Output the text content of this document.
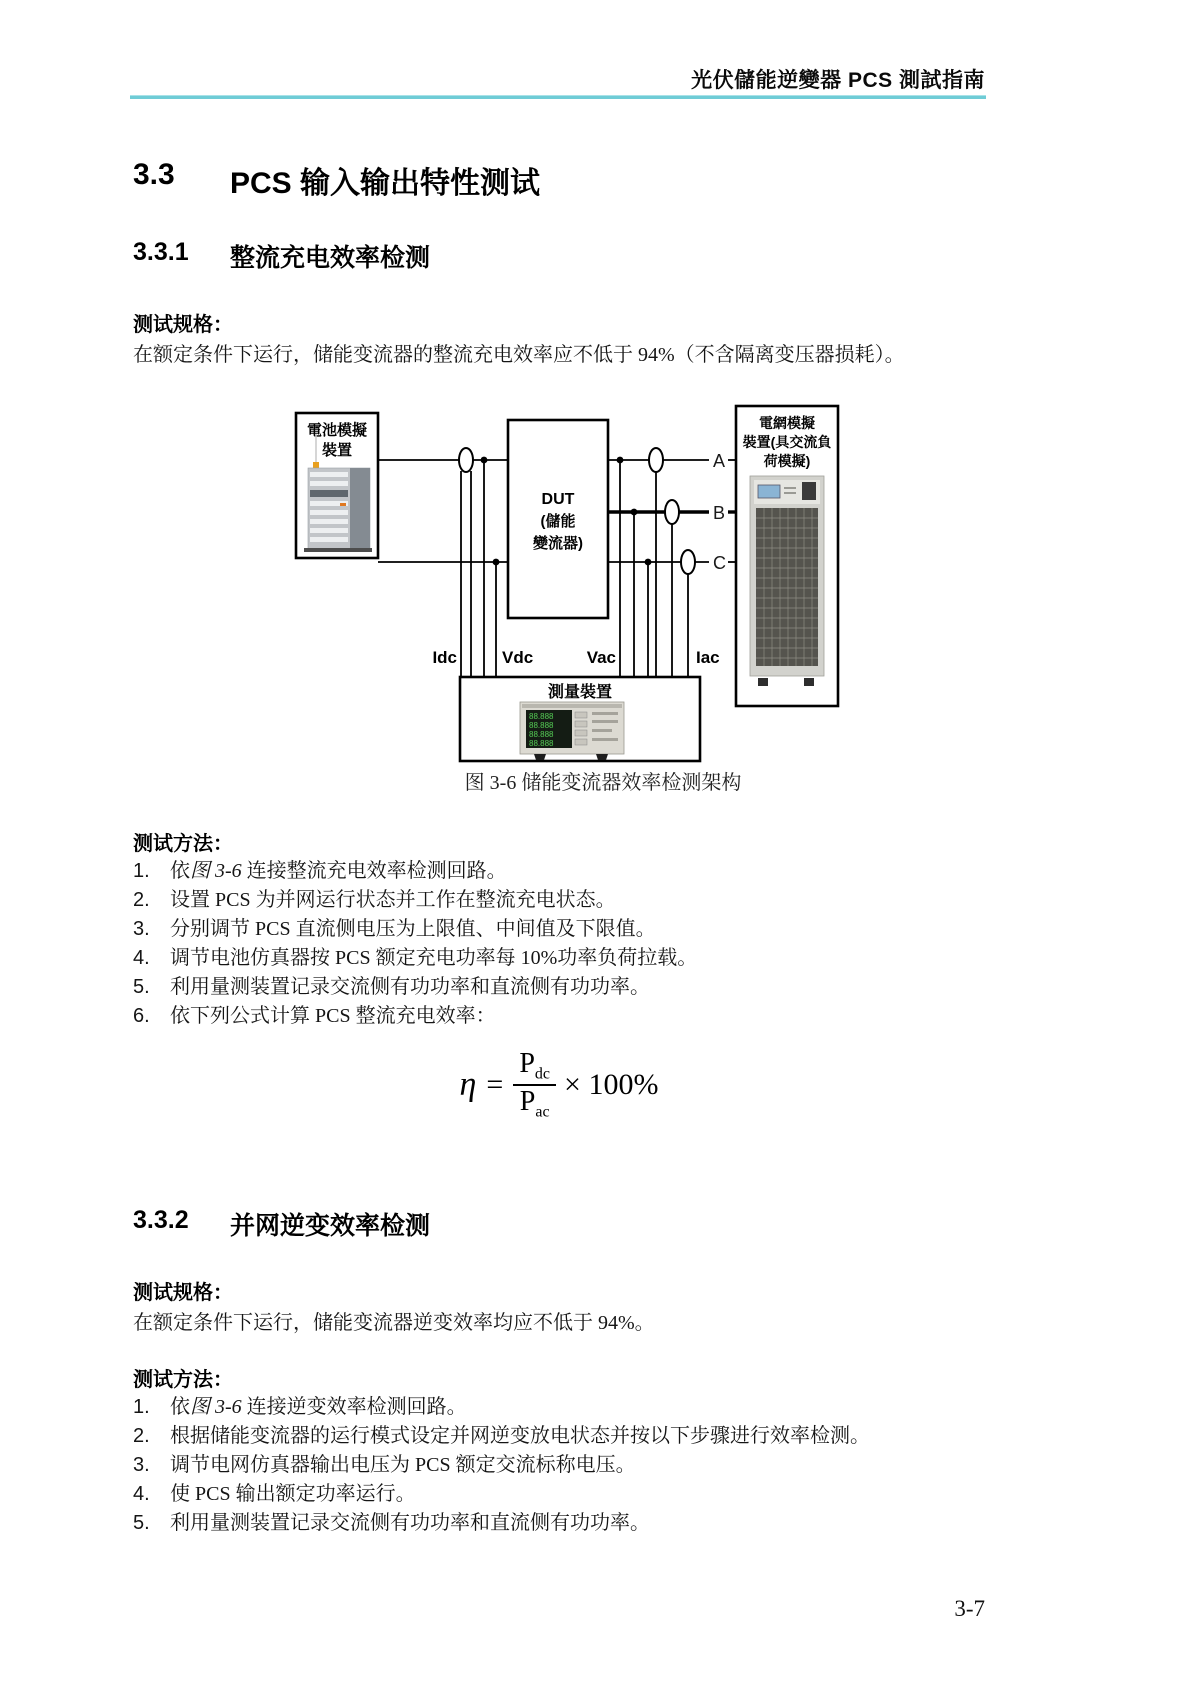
光伏儲能逆變器 PCS 測試指南
3.3	PCS 输入输出特性测试
3.3.1	整流充电效率检测
测试规格：
在额定条件下运行，储能变流器的整流充电效率应不低于 94%（不含隔离变压器损耗）。
A
B
C
Idc	Vdc	Vac	Iac
電池模擬
裝置
DUT
(儲能
變流器)
電網模擬
裝置(具交流負
荷模擬)
測量裝置
88.888
88.888
88.888
88.888
图 3-6 储能变流器效率检测架构
测试方法：
1.	依图 3-6 连接整流充电效率检测回路。
2.	设置 PCS 为并网运行状态并工作在整流充电状态。
3.	分别调节 PCS 直流侧电压为上限值、中间值及下限值。
4.	调节电池仿真器按 PCS 额定充电功率每 10%功率负荷拉载。
5.	利用量测装置记录交流侧有功功率和直流侧有功功率。
6.	依下列公式计算 PCS 整流充电效率：
$\eta = \frac{P_{dc}}{P_{ac}} \times 100\%$
3.3.2	并网逆变效率检测
测试规格：
在额定条件下运行，储能变流器逆变效率均应不低于 94%。
测试方法：
1.	依图 3-6 连接逆变效率检测回路。
2.	根据储能变流器的运行模式设定并网逆变放电状态并按以下步骤进行效率检测。
3.	调节电网仿真器输出电压为 PCS 额定交流标称电压。
4.	使 PCS 输出额定功率运行。
5.	利用量测装置记录交流侧有功功率和直流侧有功功率。
3-7
